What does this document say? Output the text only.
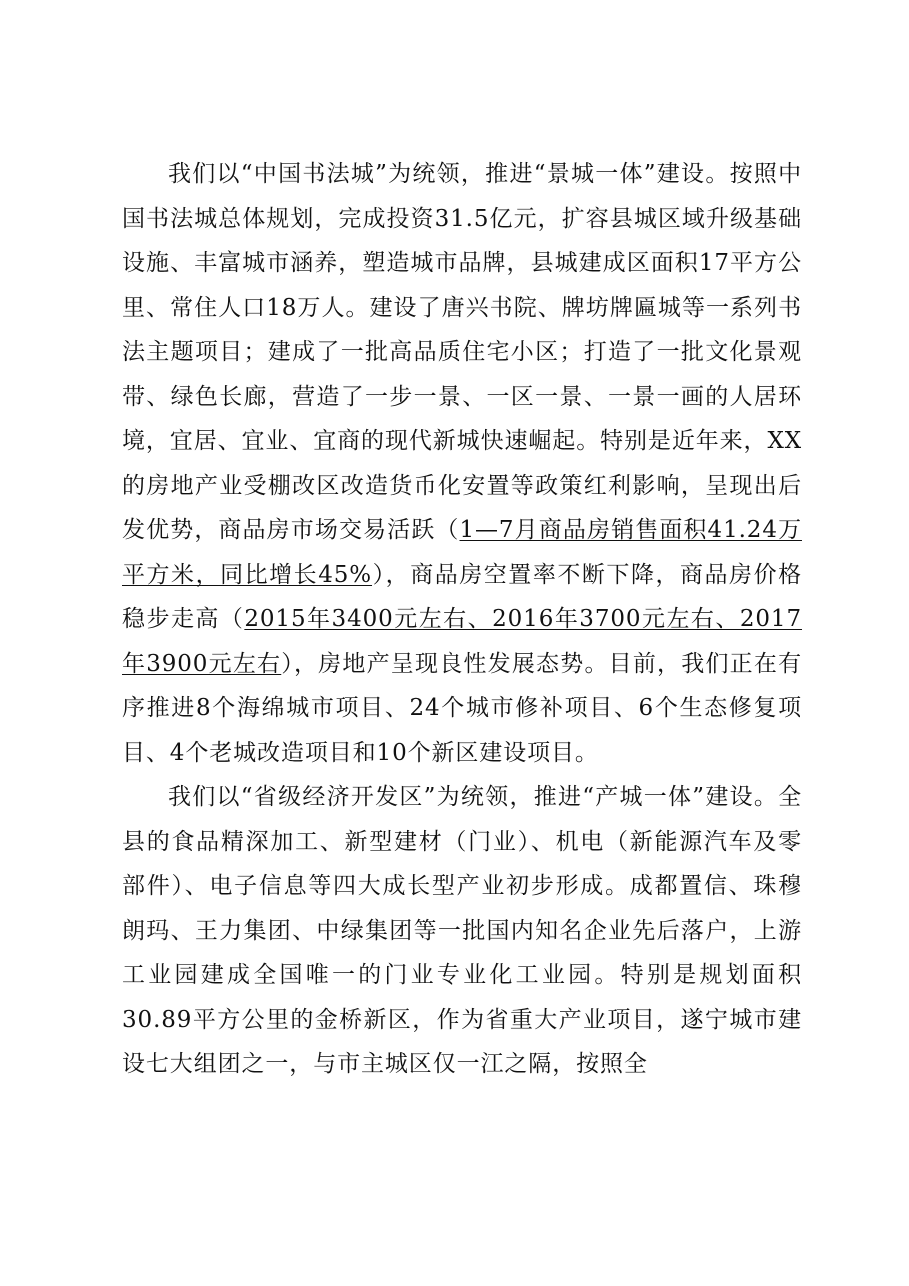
我们以“中国书法城”为统领，推进“景城一体”建设。按照中国书法城总体规划，完成投资31.5亿元，扩容县城区域升级基础设施、丰富城市涵养，塑造城市品牌，县城建成区面积17平方公里、常住人口18万人。建设了唐兴书院、牌坊牌匾城等一系列书法主题项目；建成了一批高品质住宅小区；打造了一批文化景观带、绿色长廊，营造了一步一景、一区一景、一景一画的人居环境，宜居、宜业、宜商的现代新城快速崛起。特别是近年来，XX的房地产业受棚改区改造货币化安置等政策红利影响，呈现出后发优势，商品房市场交易活跃（1—7月商品房销售面积41.24万平方米，同比增长45%），商品房空置率不断下降，商品房价格稳步走高（2015年3400元左右、2016年3700元左右、2017年3900元左右），房地产呈现良性发展态势。目前，我们正在有序推进8个海绵城市项目、24个城市修补项目、6个生态修复项目、4个老城改造项目和10个新区建设项目。

我们以“省级经济开发区”为统领，推进“产城一体”建设。全县的食品精深加工、新型建材（门业）、机电（新能源汽车及零部件）、电子信息等四大成长型产业初步形成。成都置信、珠穆朗玛、王力集团、中绿集团等一批国内知名企业先后落户，上游工业园建成全国唯一的门业专业化工业园。特别是规划面积30.89平方公里的金桥新区，作为省重大产业项目，遂宁城市建设七大组团之一，与市主城区仅一江之隔，按照全
